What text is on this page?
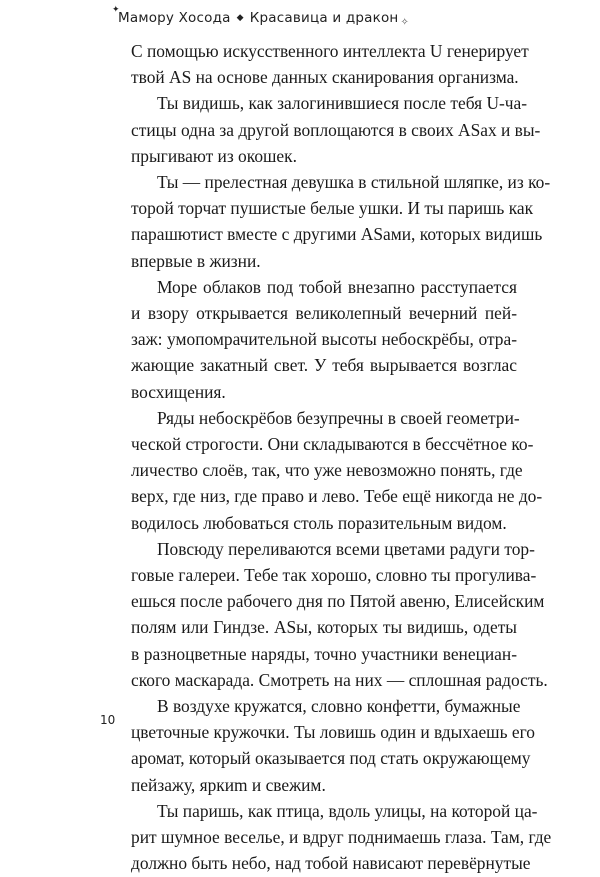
✦
Мамору Хосода ◆ Красавица и дракон ✧

С помощью искусственного интеллекта U генерирует
твой AS на основе данных сканирования организма.

Ты видишь, как залогинившиеся после тебя U-ча-
стицы одна за другой воплощаются в своих ASах и вы-
прыгивают из окошек.

Ты — прелестная девушка в стильной шляпке, из ко-
торой торчат пушистые белые ушки. И ты паришь как
парашютист вместе с другими ASами, которых видишь
впервые в жизни.

Море облаков под тобой внезапно расступается
и взору открывается великолепный вечерний пей-
заж: умопомрачительной высоты небоскрёбы, отра-
жающие закатный свет. У тебя вырывается возглас
восхищения.

Ряды небоскрёбов безупречны в своей геометри-
ческой строгости. Они складываются в бессчётное ко-
личество слоёв, так, что уже невозможно понять, где
верх, где низ, где право и лево. Тебе ещё никогда не до-
водилось любоваться столь поразительным видом.

Повсюду переливаются всеми цветами радуги тор-
говые галереи. Тебе так хорошо, словно ты прогулива-
ешься после рабочего дня по Пятой авеню, Елисейским
полям или Гиндзе. ASы, которых ты видишь, одеты
в разноцветные наряды, точно участники венециан-
ского маскарада. Смотреть на них — сплошная радость.

В воздухе кружатся, словно конфетти, бумажные
цветочные кружочки. Ты ловишь один и вдыхаешь его
аромат, который оказывается под стать окружающему
пейзажу, яркиm и свежим.

Ты паришь, как птица, вдоль улицы, на которой ца-
рит шумное веселье, и вдруг поднимаешь глаза. Там, где
должно быть небо, над тобой нависают перевёрнутые

10
